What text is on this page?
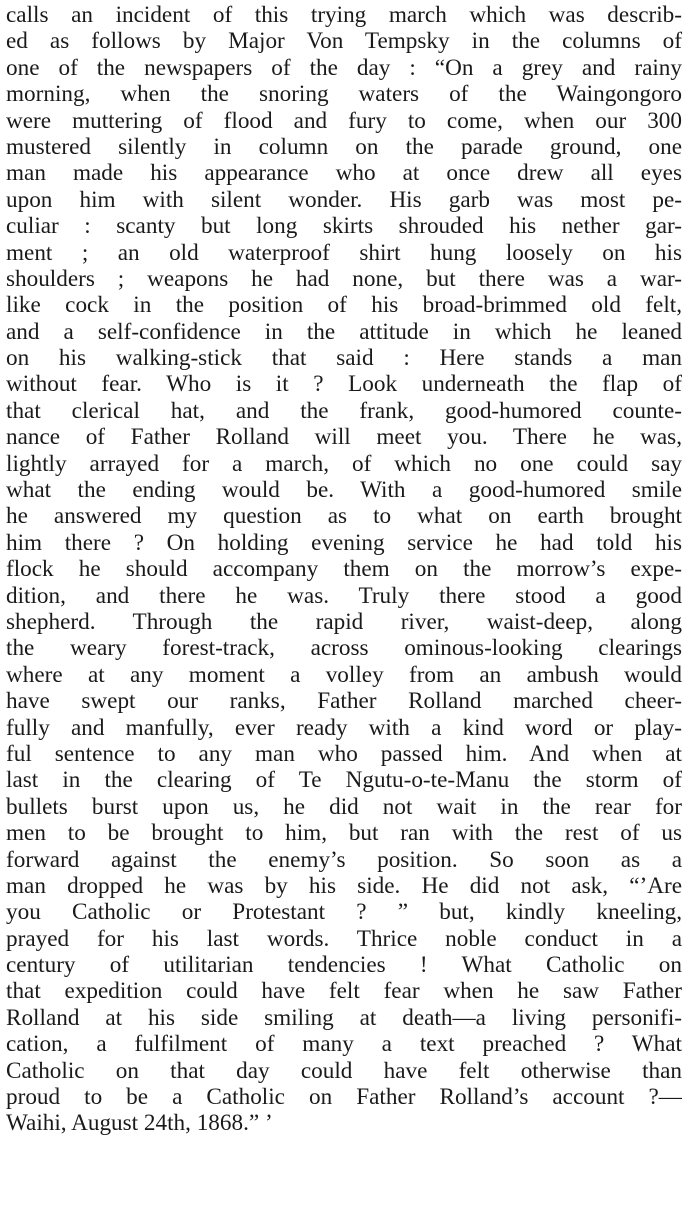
calls an incident of this trying march which was describ-
ed as follows by Major Von Tempsky in the columns of
one of the newspapers of the day : “On a grey and rainy
morning, when the snoring waters of the Waingongoro
were muttering of flood and fury to come, when our 300
mustered silently in column on the parade ground, one
man made his appearance who at once drew all eyes
upon him with silent wonder. His garb was most pe-
culiar : scanty but long skirts shrouded his nether gar-
ment ; an old waterproof shirt hung loosely on his
shoulders ; weapons he had none, but there was a war-
like cock in the position of his broad-brimmed old felt,
and a self-confidence in the attitude in which he leaned
on his walking-stick that said : Here stands a man
without fear. Who is it ? Look underneath the flap of
that clerical hat, and the frank, good-humored counte-
nance of Father Rolland will meet you. There he was,
lightly arrayed for a march, of which no one could say
what the ending would be. With a good-humored smile
he answered my question as to what on earth brought
him there ? On holding evening service he had told his
flock he should accompany them on the morrow’s expe-
dition, and there he was. Truly there stood a good
shepherd. Through the rapid river, waist-deep, along
the weary forest-track, across ominous-looking clearings
where at any moment a volley from an ambush would
have swept our ranks, Father Rolland marched cheer-
fully and manfully, ever ready with a kind word or play-
ful sentence to any man who passed him. And when at
last in the clearing of Te Ngutu-o-te-Manu the storm of
bullets burst upon us, he did not wait in the rear for
men to be brought to him, but ran with the rest of us
forward against the enemy’s position. So soon as a
man dropped he was by his side. He did not ask, “’Are
you Catholic or Protestant ? ” but, kindly kneeling,
prayed for his last words. Thrice noble conduct in a
century of utilitarian tendencies ! What Catholic on
that expedition could have felt fear when he saw Father
Rolland at his side smiling at death—a living personifi-
cation, a fulfilment of many a text preached ? What
Catholic on that day could have felt otherwise than
proud to be a Catholic on Father Rolland’s account ?—
Waihi, August 24th, 1868.” ’
